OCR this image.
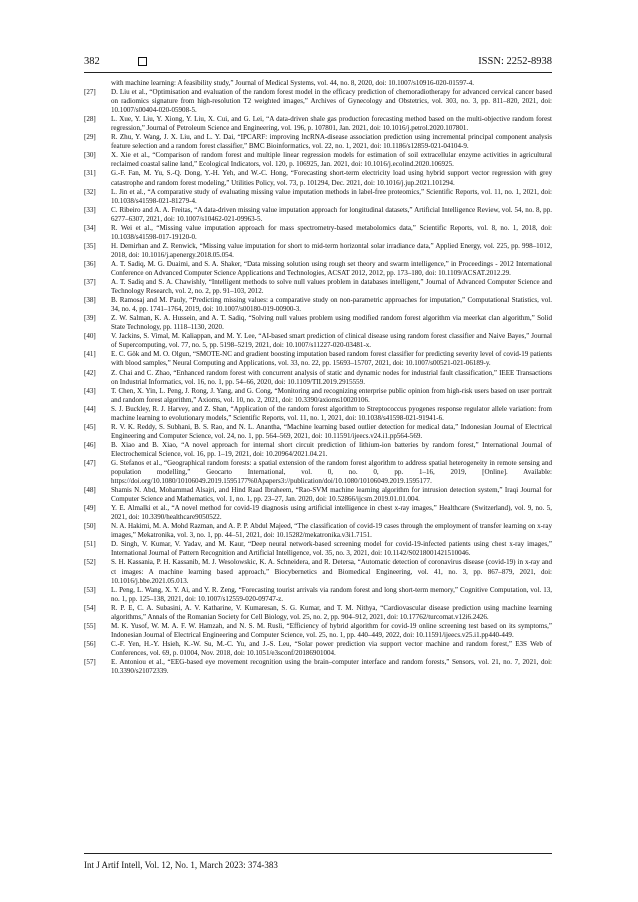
382	ISSN: 2252-8938
with machine learning: A feasibility study,” Journal of Medical Systems, vol. 44, no. 8, 2020, doi: 10.1007/s10916-020-01597-4.
[27]	D. Liu et al., “Optimisation and evaluation of the random forest model in the efficacy prediction of chemoradiotherapy for advanced cervical cancer based on radiomics signature from high-resolution T2 weighted images,” Archives of Gynecology and Obstetrics, vol. 303, no. 3, pp. 811–820, 2021, doi: 10.1007/s00404-020-05908-5.
[28]	L. Xue, Y. Liu, Y. Xiong, Y. Liu, X. Cui, and G. Lei, “A data-driven shale gas production forecasting method based on the multi-objective random forest regression,” Journal of Petroleum Science and Engineering, vol. 196, p. 107801, Jan. 2021, doi: 10.1016/j.petrol.2020.107801.
[29]	R. Zhu, Y. Wang, J. X. Liu, and L. Y. Dai, “IPCARF: improving lncRNA-disease association prediction using incremental principal component analysis feature selection and a random forest classifier,” BMC Bioinformatics, vol. 22, no. 1, 2021, doi: 10.1186/s12859-021-04104-9.
[30]	X. Xie et al., “Comparison of random forest and multiple linear regression models for estimation of soil extracellular enzyme activities in agricultural reclaimed coastal saline land,” Ecological Indicators, vol. 120, p. 106925, Jan. 2021, doi: 10.1016/j.ecolind.2020.106925.
[31]	G.-F. Fan, M. Yu, S.-Q. Dong, Y.-H. Yeh, and W.-C. Hong, “Forecasting short-term electricity load using hybrid support vector regression with grey catastrophe and random forest modeling,” Utilities Policy, vol. 73, p. 101294, Dec. 2021, doi: 10.1016/j.jup.2021.101294.
[32]	L. Jin et al., “A comparative study of evaluating missing value imputation methods in label-free proteomics,” Scientific Reports, vol. 11, no. 1, 2021, doi: 10.1038/s41598-021-81279-4.
[33]	C. Ribeiro and A. A. Freitas, “A data-driven missing value imputation approach for longitudinal datasets,” Artificial Intelligence Review, vol. 54, no. 8, pp. 6277–6307, 2021, doi: 10.1007/s10462-021-09963-5.
[34]	R. Wei et al., “Missing value imputation approach for mass spectrometry-based metabolomics data,” Scientific Reports, vol. 8, no. 1, 2018, doi: 10.1038/s41598-017-19120-0.
[35]	H. Demirhan and Z. Renwick, “Missing value imputation for short to mid-term horizontal solar irradiance data,” Applied Energy, vol. 225, pp. 998–1012, 2018, doi: 10.1016/j.apenergy.2018.05.054.
[36]	A. T. Sadiq, M. G. Duaimi, and S. A. Shaker, “Data missing solution using rough set theory and swarm intelligence,” in Proceedings - 2012 International Conference on Advanced Computer Science Applications and Technologies, ACSAT 2012, 2012, pp. 173–180, doi: 10.1109/ACSAT.2012.29.
[37]	A. T. Sadiq and S. A. Chawishly, “Intelligent methods to solve null values problem in databases intelligent,” Journal of Advanced Computer Science and Technology Research, vol. 2, no. 2, pp. 91–103, 2012.
[38]	B. Ramosaj and M. Pauly, “Predicting missing values: a comparative study on non-parametric approaches for imputation,” Computational Statistics, vol. 34, no. 4, pp. 1741–1764, 2019, doi: 10.1007/s00180-019-00900-3.
[39]	Z. W. Salman, K. A. Hussein, and A. T. Sadiq, “Solving null values problem using modified random forest algorithm via meerkat clan algorithm,” Solid State Technology, pp. 1118–1130, 2020.
[40]	V. Jackins, S. Vimal, M. Kaliappan, and M. Y. Lee, “AI-based smart prediction of clinical disease using random forest classifier and Naive Bayes,” Journal of Supercomputing, vol. 77, no. 5, pp. 5198–5219, 2021, doi: 10.1007/s11227-020-03481-x.
[41]	E. C. Gök and M. O. Olgun, “SMOTE-NC and gradient boosting imputation based random forest classifier for predicting severity level of covid-19 patients with blood samples,” Neural Computing and Applications, vol. 33, no. 22, pp. 15693–15707, 2021, doi: 10.1007/s00521-021-06189-y.
[42]	Z. Chai and C. Zhao, “Enhanced random forest with concurrent analysis of static and dynamic nodes for industrial fault classification,” IEEE Transactions on Industrial Informatics, vol. 16, no. 1, pp. 54–66, 2020, doi: 10.1109/TII.2019.2915559.
[43]	T. Chen, X. Yin, L. Peng, J. Rong, J. Yang, and G. Cong, “Monitoring and recognizing enterprise public opinion from high-risk users based on user portrait and random forest algorithm,” Axioms, vol. 10, no. 2, 2021, doi: 10.3390/axioms10020106.
[44]	S. J. Buckley, R. J. Harvey, and Z. Shan, “Application of the random forest algorithm to Streptococcus pyogenes response regulator allele variation: from machine learning to evolutionary models,” Scientific Reports, vol. 11, no. 1, 2021, doi: 10.1038/s41598-021-91941-6.
[45]	R. V. K. Reddy, S. Subhani, B. S. Rao, and N. L. Anantha, “Machine learning based outlier detection for medical data,” Indonesian Journal of Electrical Engineering and Computer Science, vol. 24, no. 1, pp. 564–569, 2021, doi: 10.11591/ijeecs.v24.i1.pp564-569.
[46]	B. Xiao and B. Xiao, “A novel approach for internal short circuit prediction of lithium-ion batteries by random forest,” International Journal of Electrochemical Science, vol. 16, pp. 1–19, 2021, doi: 10.20964/2021.04.21.
[47]	G. Stefanos et al., “Geographical random forests: a spatial extension of the random forest algorithm to address spatial heterogeneity in remote sensing and population modelling,” Geocarto International, vol. 0, no. 0, pp. 1–16, 2019, [Online]. Available: https://doi.org/10.1080/10106049.2019.1595177%0Apapers3://publication/doi/10.1080/10106049.2019.1595177.
[48]	Shamis N. Abd, Mohammad Alsajri, and Hind Raad Ibraheem, “Rao-SVM machine learning algorithm for intrusion detection system,” Iraqi Journal for Computer Science and Mathematics, vol. 1, no. 1, pp. 23–27, Jan. 2020, doi: 10.52866/ijcsm.2019.01.01.004.
[49]	Y. E. Almalki et al., “A novel method for covid-19 diagnosis using artificial intelligence in chest x-ray images,” Healthcare (Switzerland), vol. 9, no. 5, 2021, doi: 10.3390/healthcare9050522.
[50]	N. A. Hakimi, M. A. Mohd Razman, and A. P. P. Abdul Majeed, “The classification of covid-19 cases through the employment of transfer learning on x-ray images,” Mekatronika, vol. 3, no. 1, pp. 44–51, 2021, doi: 10.15282/mekatronika.v3i1.7151.
[51]	D. Singh, V. Kumar, V. Yadav, and M. Kaur, “Deep neural network-based screening model for covid-19-infected patients using chest x-ray images,” International Journal of Pattern Recognition and Artificial Intelligence, vol. 35, no. 3, 2021, doi: 10.1142/S0218001421510046.
[52]	S. H. Kassania, P. H. Kassanib, M. J. Wesolowskic, K. A. Schneidera, and R. Detersa, “Automatic detection of coronavirus disease (covid-19) in x-ray and ct images: A machine learning based approach,” Biocybernetics and Biomedical Engineering, vol. 41, no. 3, pp. 867–879, 2021, doi: 10.1016/j.bbe.2021.05.013.
[53]	L. Peng, L. Wang, X. Y. Ai, and Y. R. Zeng, “Forecasting tourist arrivals via random forest and long short-term memory,” Cognitive Computation, vol. 13, no. 1, pp. 125–138, 2021, doi: 10.1007/s12559-020-09747-z.
[54]	R. P. E, C. A. Subasini, A. V. Katharine, V. Kumaresan, S. G. Kumar, and T. M. Nithya, “Cardiovascular disease prediction using machine learning algorithms,” Annals of the Romanian Society for Cell Biology, vol. 25, no. 2, pp. 904–912, 2021, doi: 10.17762/turcomat.v12i6.2426.
[55]	M. K. Yusof, W. M. A. F. W. Hamzah, and N. S. M. Rusli, “Efficiency of hybrid algorithm for covid-19 online screening test based on its symptoms,” Indonesian Journal of Electrical Engineering and Computer Science, vol. 25, no. 1, pp. 440–449, 2022, doi: 10.11591/ijeecs.v25.i1.pp440-449.
[56]	C.-F. Yen, H.-Y. Hsieh, K.-W. Su, M.-C. Yu, and J.-S. Leu, “Solar power prediction via support vector machine and random forest,” E3S Web of Conferences, vol. 69, p. 01004, Nov. 2018, doi: 10.1051/e3sconf/20186901004.
[57]	E. Antoniou et al., “EEG-based eye movement recognition using the brain–computer interface and random forests,” Sensors, vol. 21, no. 7, 2021, doi: 10.3390/s21072339.
Int J Artif Intell, Vol. 12, No. 1, March 2023: 374-383
